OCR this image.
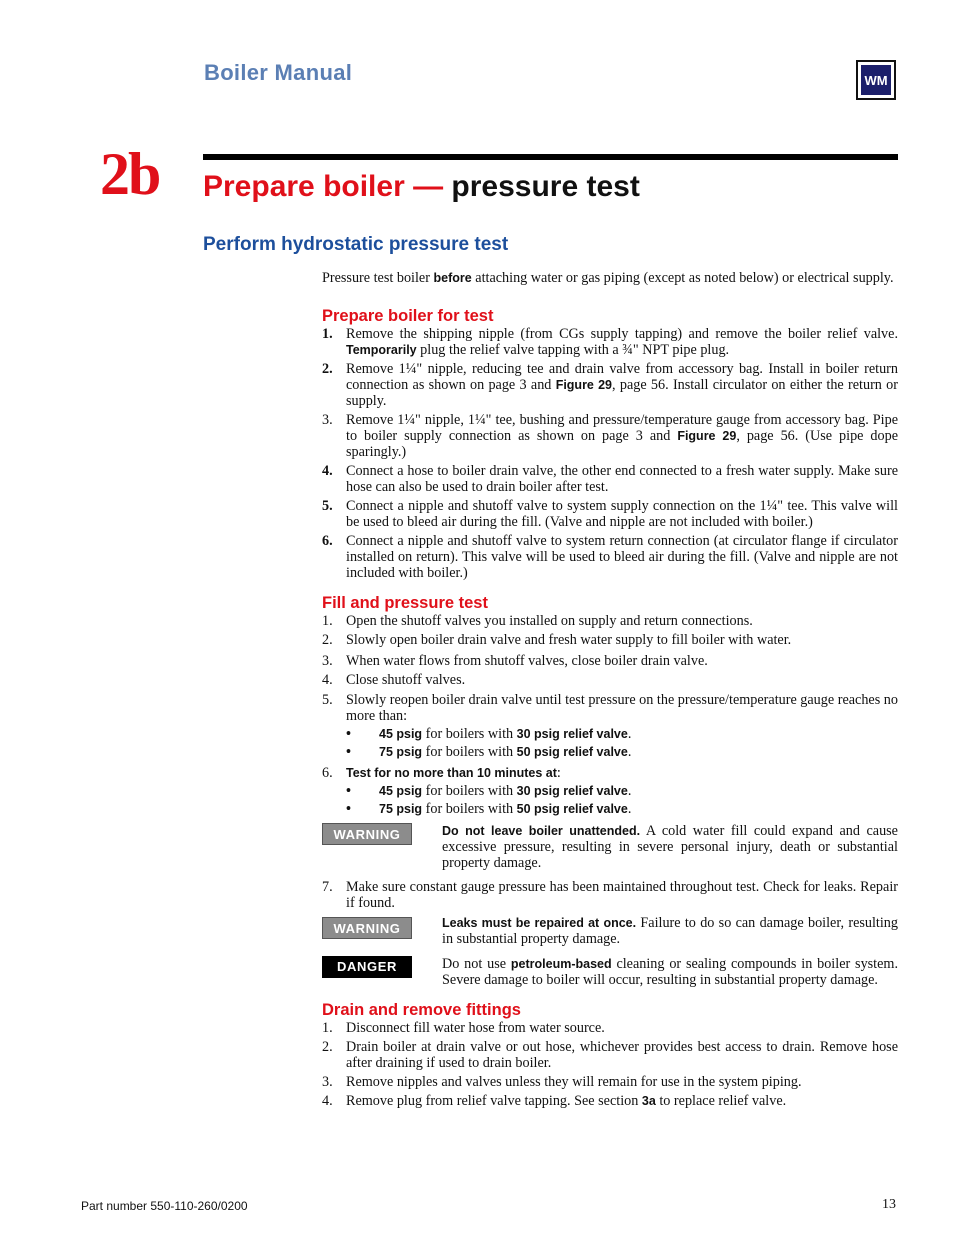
Boiler Manual	WM
2b Prepare boiler — pressure test
Perform hydrostatic pressure test

Pressure test boiler before attaching water or gas piping (except as noted below) or electrical supply.

Prepare boiler for test
1. Remove the shipping nipple (from CGs supply tapping) and remove the boiler relief valve. Temporarily plug the relief valve tapping with a ¾" NPT pipe plug.
2. Remove 1¼" nipple, reducing tee and drain valve from accessory bag. Install in boiler return connection as shown on page 3 and Figure 29, page 56. Install circulator on either the return or supply.
3. Remove 1¼" nipple, 1¼" tee, bushing and pressure/temperature gauge from accessory bag. Pipe to boiler supply connection as shown on page 3 and Figure 29, page 56. (Use pipe dope sparingly.)
4. Connect a hose to boiler drain valve, the other end connected to a fresh water supply. Make sure hose can also be used to drain boiler after test.
5. Connect a nipple and shutoff valve to system supply connection on the 1¼" tee. This valve will be used to bleed air during the fill. (Valve and nipple are not included with boiler.)
6. Connect a nipple and shutoff valve to system return connection (at circulator flange if circulator installed on return). This valve will be used to bleed air during the fill. (Valve and nipple are not included with boiler.)
Fill and pressure test
1. Open the shutoff valves you installed on supply and return connections.
2. Slowly open boiler drain valve and fresh water supply to fill boiler with water.
3. When water flows from shutoff valves, close boiler drain valve.
4. Close shutoff valves.
5. Slowly reopen boiler drain valve until test pressure on the pressure/temperature gauge reaches no more than:
•	45 psig for boilers with 30 psig relief valve.
•	75 psig for boilers with 50 psig relief valve.
6.	Test for no more than 10 minutes at:
•	45 psig for boilers with 30 psig relief valve.
•	75 psig for boilers with 50 psig relief valve.
WARNING	Do not leave boiler unattended. A cold water fill could expand and cause excessive pressure, resulting in severe personal injury, death or substantial property damage.
7. Make sure constant gauge pressure has been maintained throughout test. Check for leaks. Repair if found.
WARNING	Leaks must be repaired at once. Failure to do so can damage boiler, resulting in substantial property damage.
DANGER	Do not use petroleum-based cleaning or sealing compounds in boiler system. Severe damage to boiler will occur, resulting in substantial property damage.
Drain and remove fittings
1. Disconnect fill water hose from water source.
2. Drain boiler at drain valve or out hose, whichever provides best access to drain. Remove hose after draining if used to drain boiler.
3. Remove nipples and valves unless they will remain for use in the system piping.
4. Remove plug from relief valve tapping. See section 3a to replace relief valve.
Part number 550-110-260/0200	13
